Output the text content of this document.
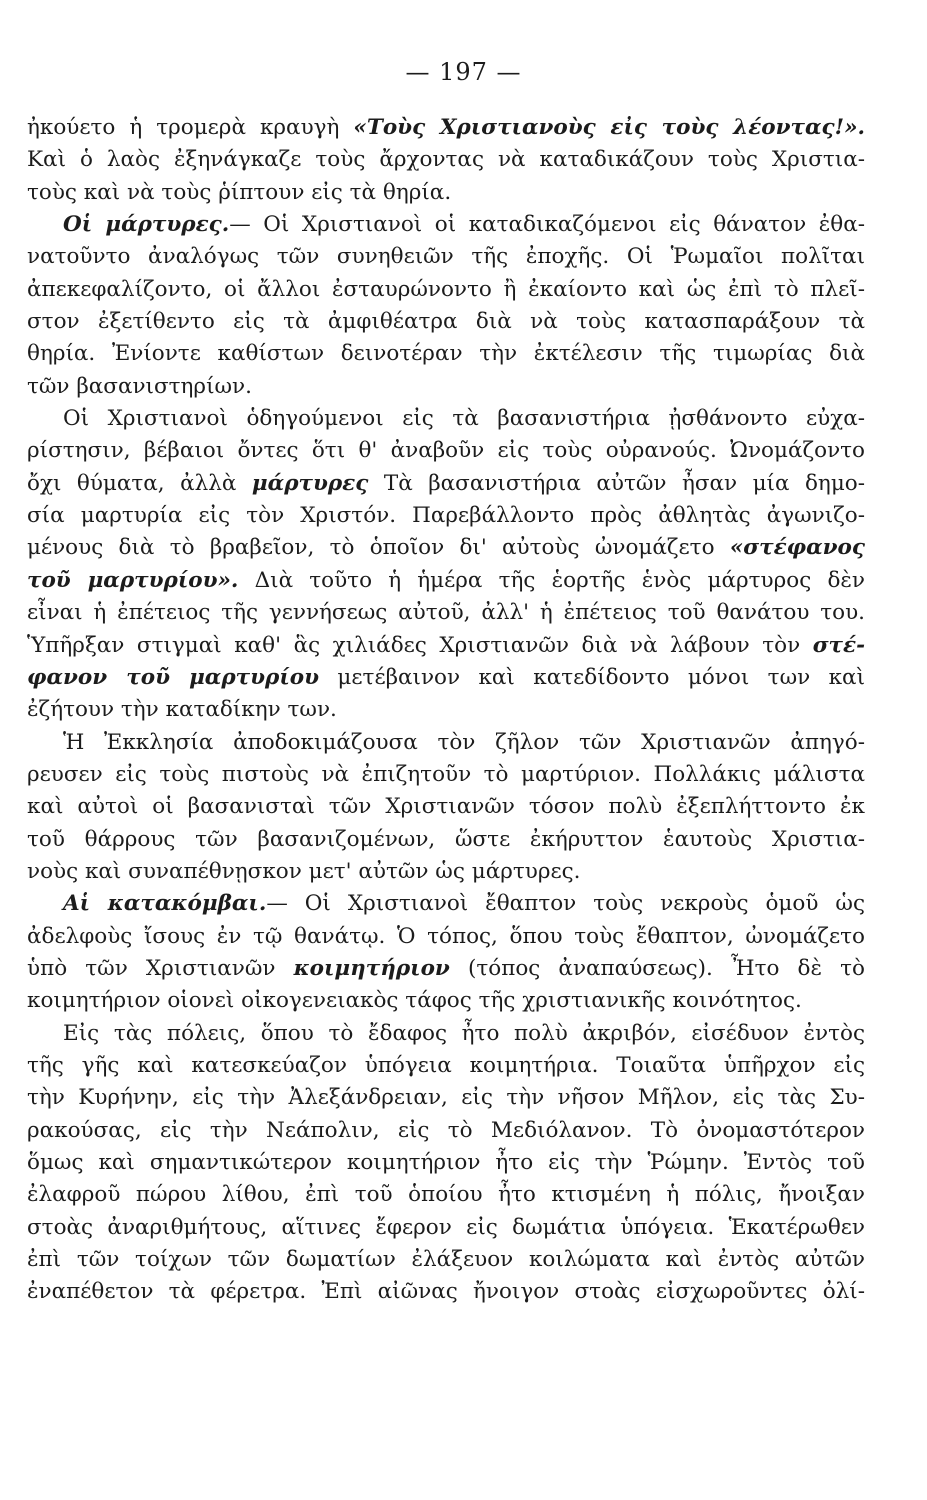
— 197 —
ἠκούετο ἡ τρομερὰ κραυγὴ «Τοὺς Χριστιανοὺς εἰς τοὺς λέοντας!».
Καὶ ὁ λαὸς ἐξηνάγκαζε τοὺς ἄρχοντας νὰ καταδικάζουν τοὺς Χριστια-
τοὺς καὶ νὰ τοὺς ῥίπτουν εἰς τὰ θηρία.
Οἱ μάρτυρες.— Οἱ Χριστιανοὶ οἱ καταδικαζόμενοι εἰς θάνατον ἐθα-
νατοῦντο ἀναλόγως τῶν συνηθειῶν τῆς ἐποχῆς. Οἱ Ῥωμαῖοι πολῖται
ἀπεκεφαλίζοντο, οἱ ἄλλοι ἐσταυρώνοντο ἢ ἐκαίοντο καὶ ὡς ἐπὶ τὸ πλεῖ-
στον ἐξετίθεντο εἰς τὰ ἀμφιθέατρα διὰ νὰ τοὺς κατασπαράξουν τὰ
θηρία. Ἐνίοντε καθίστων δεινοτέραν τὴν ἐκτέλεσιν τῆς τιμωρίας διὰ
τῶν βασανιστηρίων.
Οἱ Χριστιανοὶ ὁδηγούμενοι εἰς τὰ βασανιστήρια ᾐσθάνοντο εὐχα-
ρίστησιν, βέβαιοι ὄντες ὅτι θ' ἀναβοῦν εἰς τοὺς οὐρανούς. Ὠνομάζοντο
ὄχι θύματα, ἀλλὰ μάρτυρες Τὰ βασανιστήρια αὐτῶν ἦσαν μία δημο-
σία μαρτυρία εἰς τὸν Χριστόν. Παρεβάλλοντο πρὸς ἀθλητὰς ἀγωνιζο-
μένους διὰ τὸ βραβεῖον, τὸ ὁποῖον δι' αὐτοὺς ὠνομάζετο «στέφανος
τοῦ μαρτυρίου». Διὰ τοῦτο ἡ ἡμέρα τῆς ἑορτῆς ἑνὸς μάρτυρος δὲν
εἶναι ἡ ἐπέτειος τῆς γεννήσεως αὐτοῦ, ἀλλ' ἡ ἐπέτειος τοῦ θανάτου του.
Ὑπῆρξαν στιγμαὶ καθ' ἃς χιλιάδες Χριστιανῶν διὰ νὰ λάβουν τὸν στέ-
φανον τοῦ μαρτυρίου μετέβαινον καὶ κατεδίδοντο μόνοι των καὶ
ἐζήτουν τὴν καταδίκην των.
Ἡ Ἐκκλησία ἀποδοκιμάζουσα τὸν ζῆλον τῶν Χριστιανῶν ἀπηγό-
ρευσεν εἰς τοὺς πιστοὺς νὰ ἐπιζητοῦν τὸ μαρτύριον. Πολλάκις μάλιστα
καὶ αὐτοὶ οἱ βασανισταὶ τῶν Χριστιανῶν τόσον πολὺ ἐξεπλήττοντο ἐκ
τοῦ θάρρους τῶν βασανιζομένων, ὥστε ἐκήρυττον ἑαυτοὺς Χριστια-
νοὺς καὶ συναπέθνῃσκον μετ' αὐτῶν ὡς μάρτυρες.
Αἱ κατακόμβαι.— Οἱ Χριστιανοὶ ἔθαπτον τοὺς νεκροὺς ὁμοῦ ὡς
ἀδελφοὺς ἴσους ἐν τῷ θανάτῳ. Ὁ τόπος, ὅπου τοὺς ἔθαπτον, ὠνομάζετο
ὑπὸ τῶν Χριστιανῶν κοιμητήριον (τόπος ἀναπαύσεως). Ἦτο δὲ τὸ
κοιμητήριον οἱονεὶ οἰκογενειακὸς τάφος τῆς χριστιανικῆς κοινότητος.
Εἰς τὰς πόλεις, ὅπου τὸ ἔδαφος ἦτο πολὺ ἀκριβόν, εἰσέδυον ἐντὸς
τῆς γῆς καὶ κατεσκεύαζον ὑπόγεια κοιμητήρια. Τοιαῦτα ὑπῆρχον εἰς
τὴν Κυρήνην, εἰς τὴν Ἀλεξάνδρειαν, εἰς τὴν νῆσον Μῆλον, εἰς τὰς Συ-
ρακούσας, εἰς τὴν Νεάπολιν, εἰς τὸ Μεδιόλανον. Τὸ ὀνομαστότερον
ὅμως καὶ σημαντικώτερον κοιμητήριον ἦτο εἰς τὴν Ῥώμην. Ἐντὸς τοῦ
ἐλαφροῦ πώρου λίθου, ἐπὶ τοῦ ὁποίου ἦτο κτισμένη ἡ πόλις, ἤνοιξαν
στοὰς ἀναριθμήτους, αἵτινες ἔφερον εἰς δωμάτια ὑπόγεια. Ἑκατέρωθεν
ἐπὶ τῶν τοίχων τῶν δωματίων ἐλάξευον κοιλώματα καὶ ἐντὸς αὐτῶν
ἐναπέθετον τὰ φέρετρα. Ἐπὶ αἰῶνας ἤνοιγον στοὰς εἰσχωροῦντες ὀλί-
